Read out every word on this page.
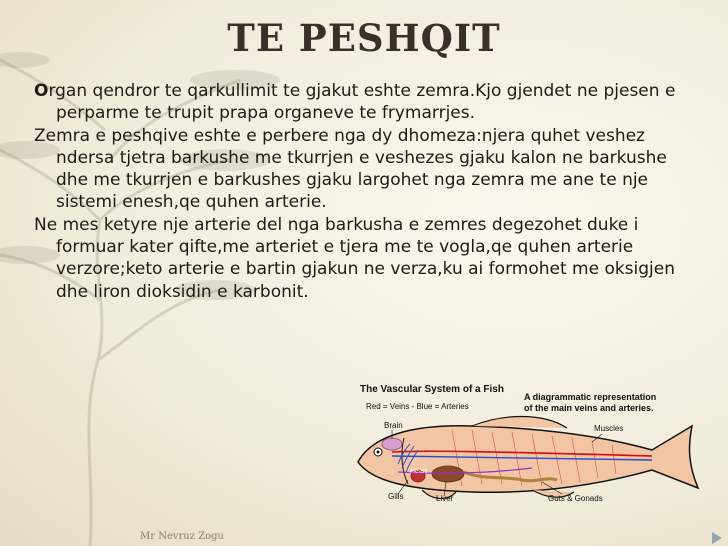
TE PESHQIT

Organ qendror te qarkullimit te gjakut eshte zemra.Kjo gjendet ne pjesen e perparme te trupit prapa organeve te frymarrjes.

Zemra e peshqive eshte e perbere nga dy dhomeza:njera quhet veshez ndersa tjetra barkushe me tkurrjen e veshezes gjaku kalon ne barkushe dhe me tkurrjen e barkushes gjaku largohet nga zemra me ane te nje sistemi enesh,qe quhen arterie.

Ne mes ketyre nje arterie del nga barkusha e zemres degezohet duke i formuar kater qifte,me arteriet e tjera me te vogla,qe quhen arterie verzore;keto arterie e bartin gjakun ne verza,ku ai formohet me oksigjen dhe liron dioksidin e karbonit.

The Vascular System of a Fish
Red = Veins - Blue = Arteries
A diagrammatic representation
of the main veins and arteries.
Brain	Muscles
Gills
Heart
Liver	Guts & Gonads
Mr Nevruz Zogu
